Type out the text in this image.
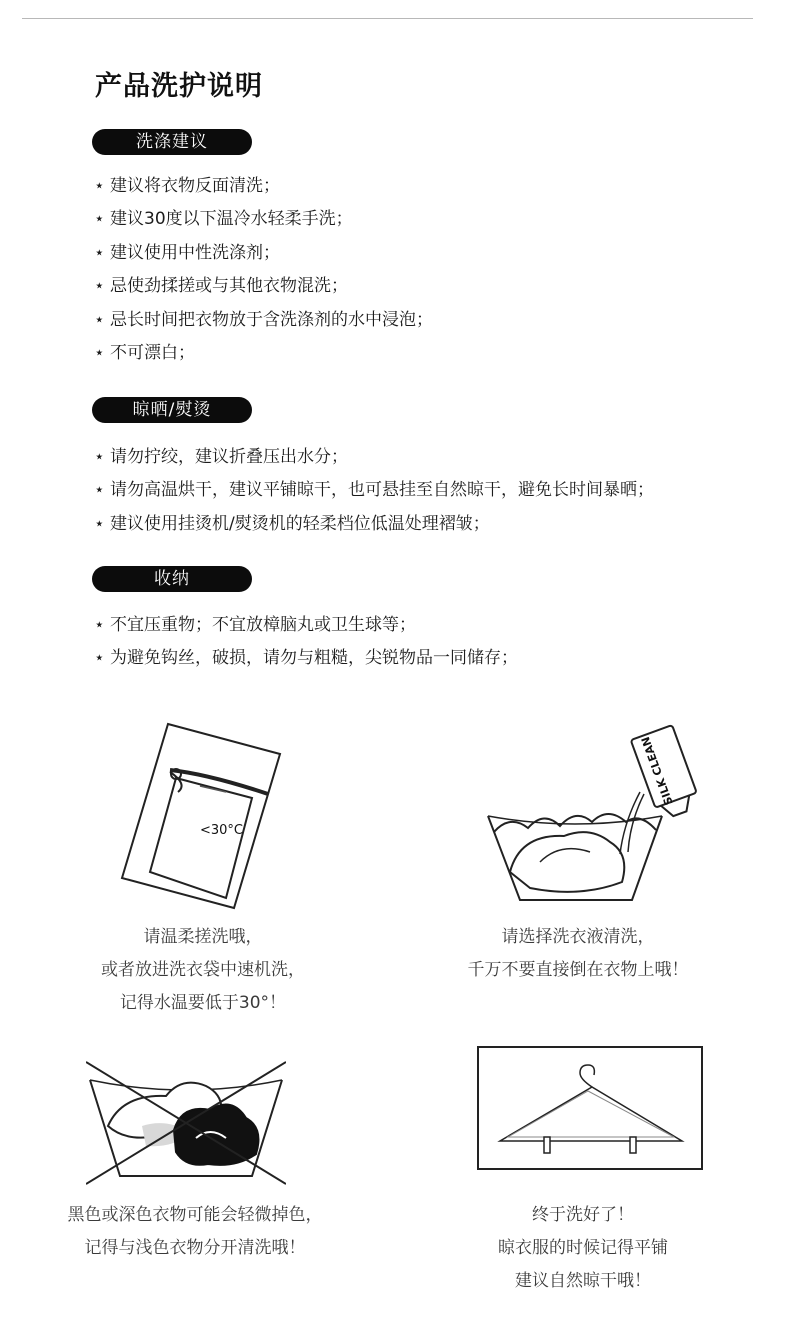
产品洗护说明
洗涤建议
⋆ 建议将衣物反面清洗；
⋆ 建议30度以下温冷水轻柔手洗；
⋆ 建议使用中性洗涤剂；
⋆ 忌使劲揉搓或与其他衣物混洗；
⋆ 忌长时间把衣物放于含洗涤剂的水中浸泡；
⋆ 不可漂白；
晾晒/熨烫
⋆ 请勿拧绞，建议折叠压出水分；
⋆ 请勿高温烘干，建议平铺晾干，也可悬挂至自然晾干，避免长时间暴晒；
⋆ 建议使用挂烫机/熨烫机的轻柔档位低温处理褶皱；
收纳
⋆ 不宜压重物；不宜放樟脑丸或卫生球等；
⋆ 为避免钩丝，破损，请勿与粗糙，尖锐物品一同储存；
<30°C
请温柔搓洗哦，
或者放进洗衣袋中速机洗，
记得水温要低于30°！
SILK CLEAN
请选择洗衣液清洗，
千万不要直接倒在衣物上哦！
黑色或深色衣物可能会轻微掉色，
记得与浅色衣物分开清洗哦！
终于洗好了！
晾衣服的时候记得平铺
建议自然晾干哦！
